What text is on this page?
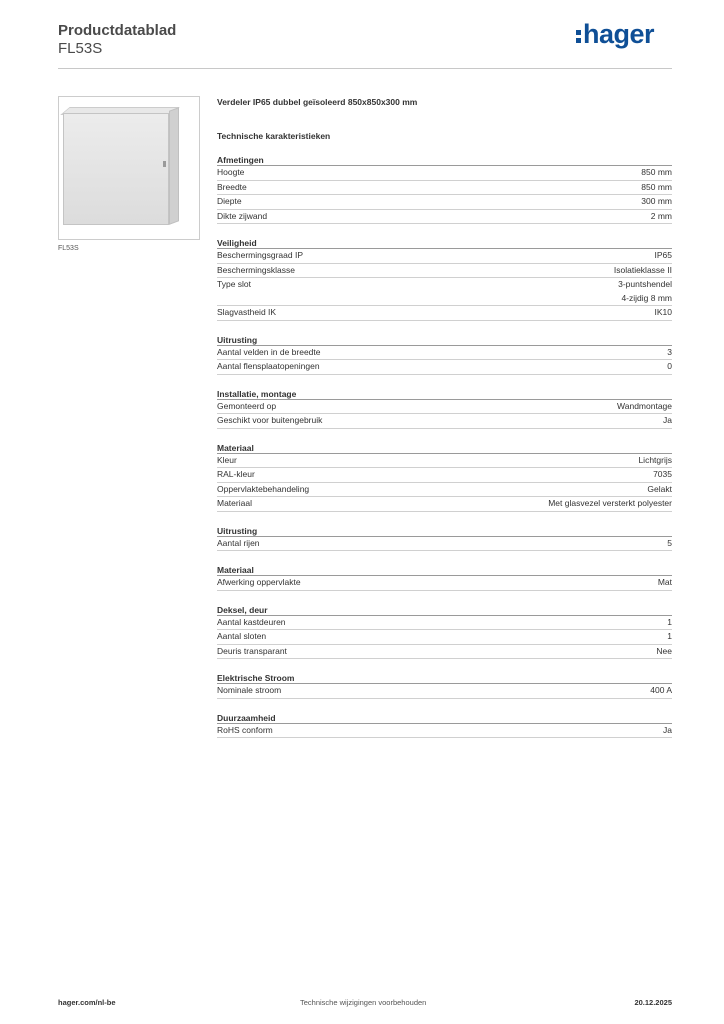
Productdatablad
FL53S	hager
FL53S
Verdeler IP65 dubbel geïsoleerd 850x850x300 mm
Technische karakteristieken
Afmetingen
Hoogte	850 mm
Breedte	850 mm
Diepte	300 mm
Dikte zijwand	2 mm
Veiligheid
Beschermingsgraad IP	IP65
Beschermingsklasse	Isolatieklasse II
Type slot	3-puntshendel
4-zijdig 8 mm
Slagvastheid IK	IK10
Uitrusting
Aantal velden in de breedte	3
Aantal flensplaatopeningen	0
Installatie, montage
Gemonteerd op	Wandmontage
Geschikt voor buitengebruik	Ja
Materiaal
Kleur	Lichtgrijs
RAL-kleur	7035
Oppervlaktebehandeling	Gelakt
Materiaal	Met glasvezel versterkt polyester
Uitrusting
Aantal rijen	5
Materiaal
Afwerking oppervlakte	Mat
Deksel, deur
Aantal kastdeuren	1
Aantal sloten	1
Deuris transparant	Nee
Elektrische Stroom
Nominale stroom	400 A
Duurzaamheid
RoHS conform	Ja
hager.com/nl-be	Technische wijzigingen voorbehouden	20.12.2025
